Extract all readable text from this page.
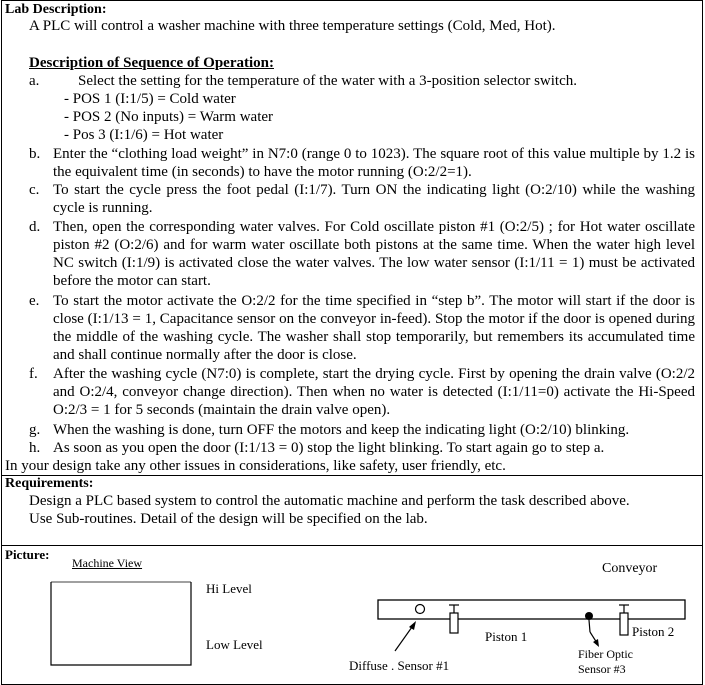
Lab Description:
A PLC will control a washer machine with three temperature settings (Cold, Med, Hot).
Description of Sequence of Operation:
a.	Select the setting for the temperature of the water with a 3-position selector switch.
- POS 1 (I:1/5) = Cold water
- POS 2 (No inputs) = Warm water
- Pos 3 (I:1/6) = Hot water
b. Enter the “clothing load weight” in N7:0 (range 0 to 1023). The square root of this value multiple by 1.2 is the equivalent time (in seconds) to have the motor running (O:2/2=1).
c. To start the cycle press the foot pedal (I:1/7). Turn ON the indicating light (O:2/10) while the washing cycle is running.
d. Then, open the corresponding water valves. For Cold oscillate piston #1 (O:2/5) ; for Hot water oscillate piston #2 (O:2/6) and for warm water oscillate both pistons at the same time. When the water high level NC switch (I:1/9) is activated close the water valves. The low water sensor (I:1/11 = 1) must be activated before the motor can start.
e. To start the motor activate the O:2/2 for the time specified in “step b”. The motor will start if the door is close (I:1/13 = 1, Capacitance sensor on the conveyor in-feed). Stop the motor if the door is opened during the middle of the washing cycle. The washer shall stop temporarily, but remembers its accumulated time and shall continue normally after the door is close.
f. After the washing cycle (N7:0) is complete, start the drying cycle. First by opening the drain valve (O:2/2 and O:2/4, conveyor change direction). Then when no water is detected (I:1/11=0) activate the Hi-Speed O:2/3 = 1 for 5 seconds (maintain the drain valve open).
g. When the washing is done, turn OFF the motors and keep the indicating light (O:2/10) blinking.
h. As soon as you open the door (I:1/13 = 0) stop the light blinking. To start again go to step a.
In your design take any other issues in considerations, like safety, user friendly, etc.
Requirements:
Design a PLC based system to control the automatic machine and perform the task described above.
Use Sub-routines. Detail of the design will be specified on the lab.
Picture:
Machine View
Hi Level
Low Level
Conveyor
Piston 1	Piston 2
Diffuse . Sensor #1
Fiber Optic
Sensor #3
